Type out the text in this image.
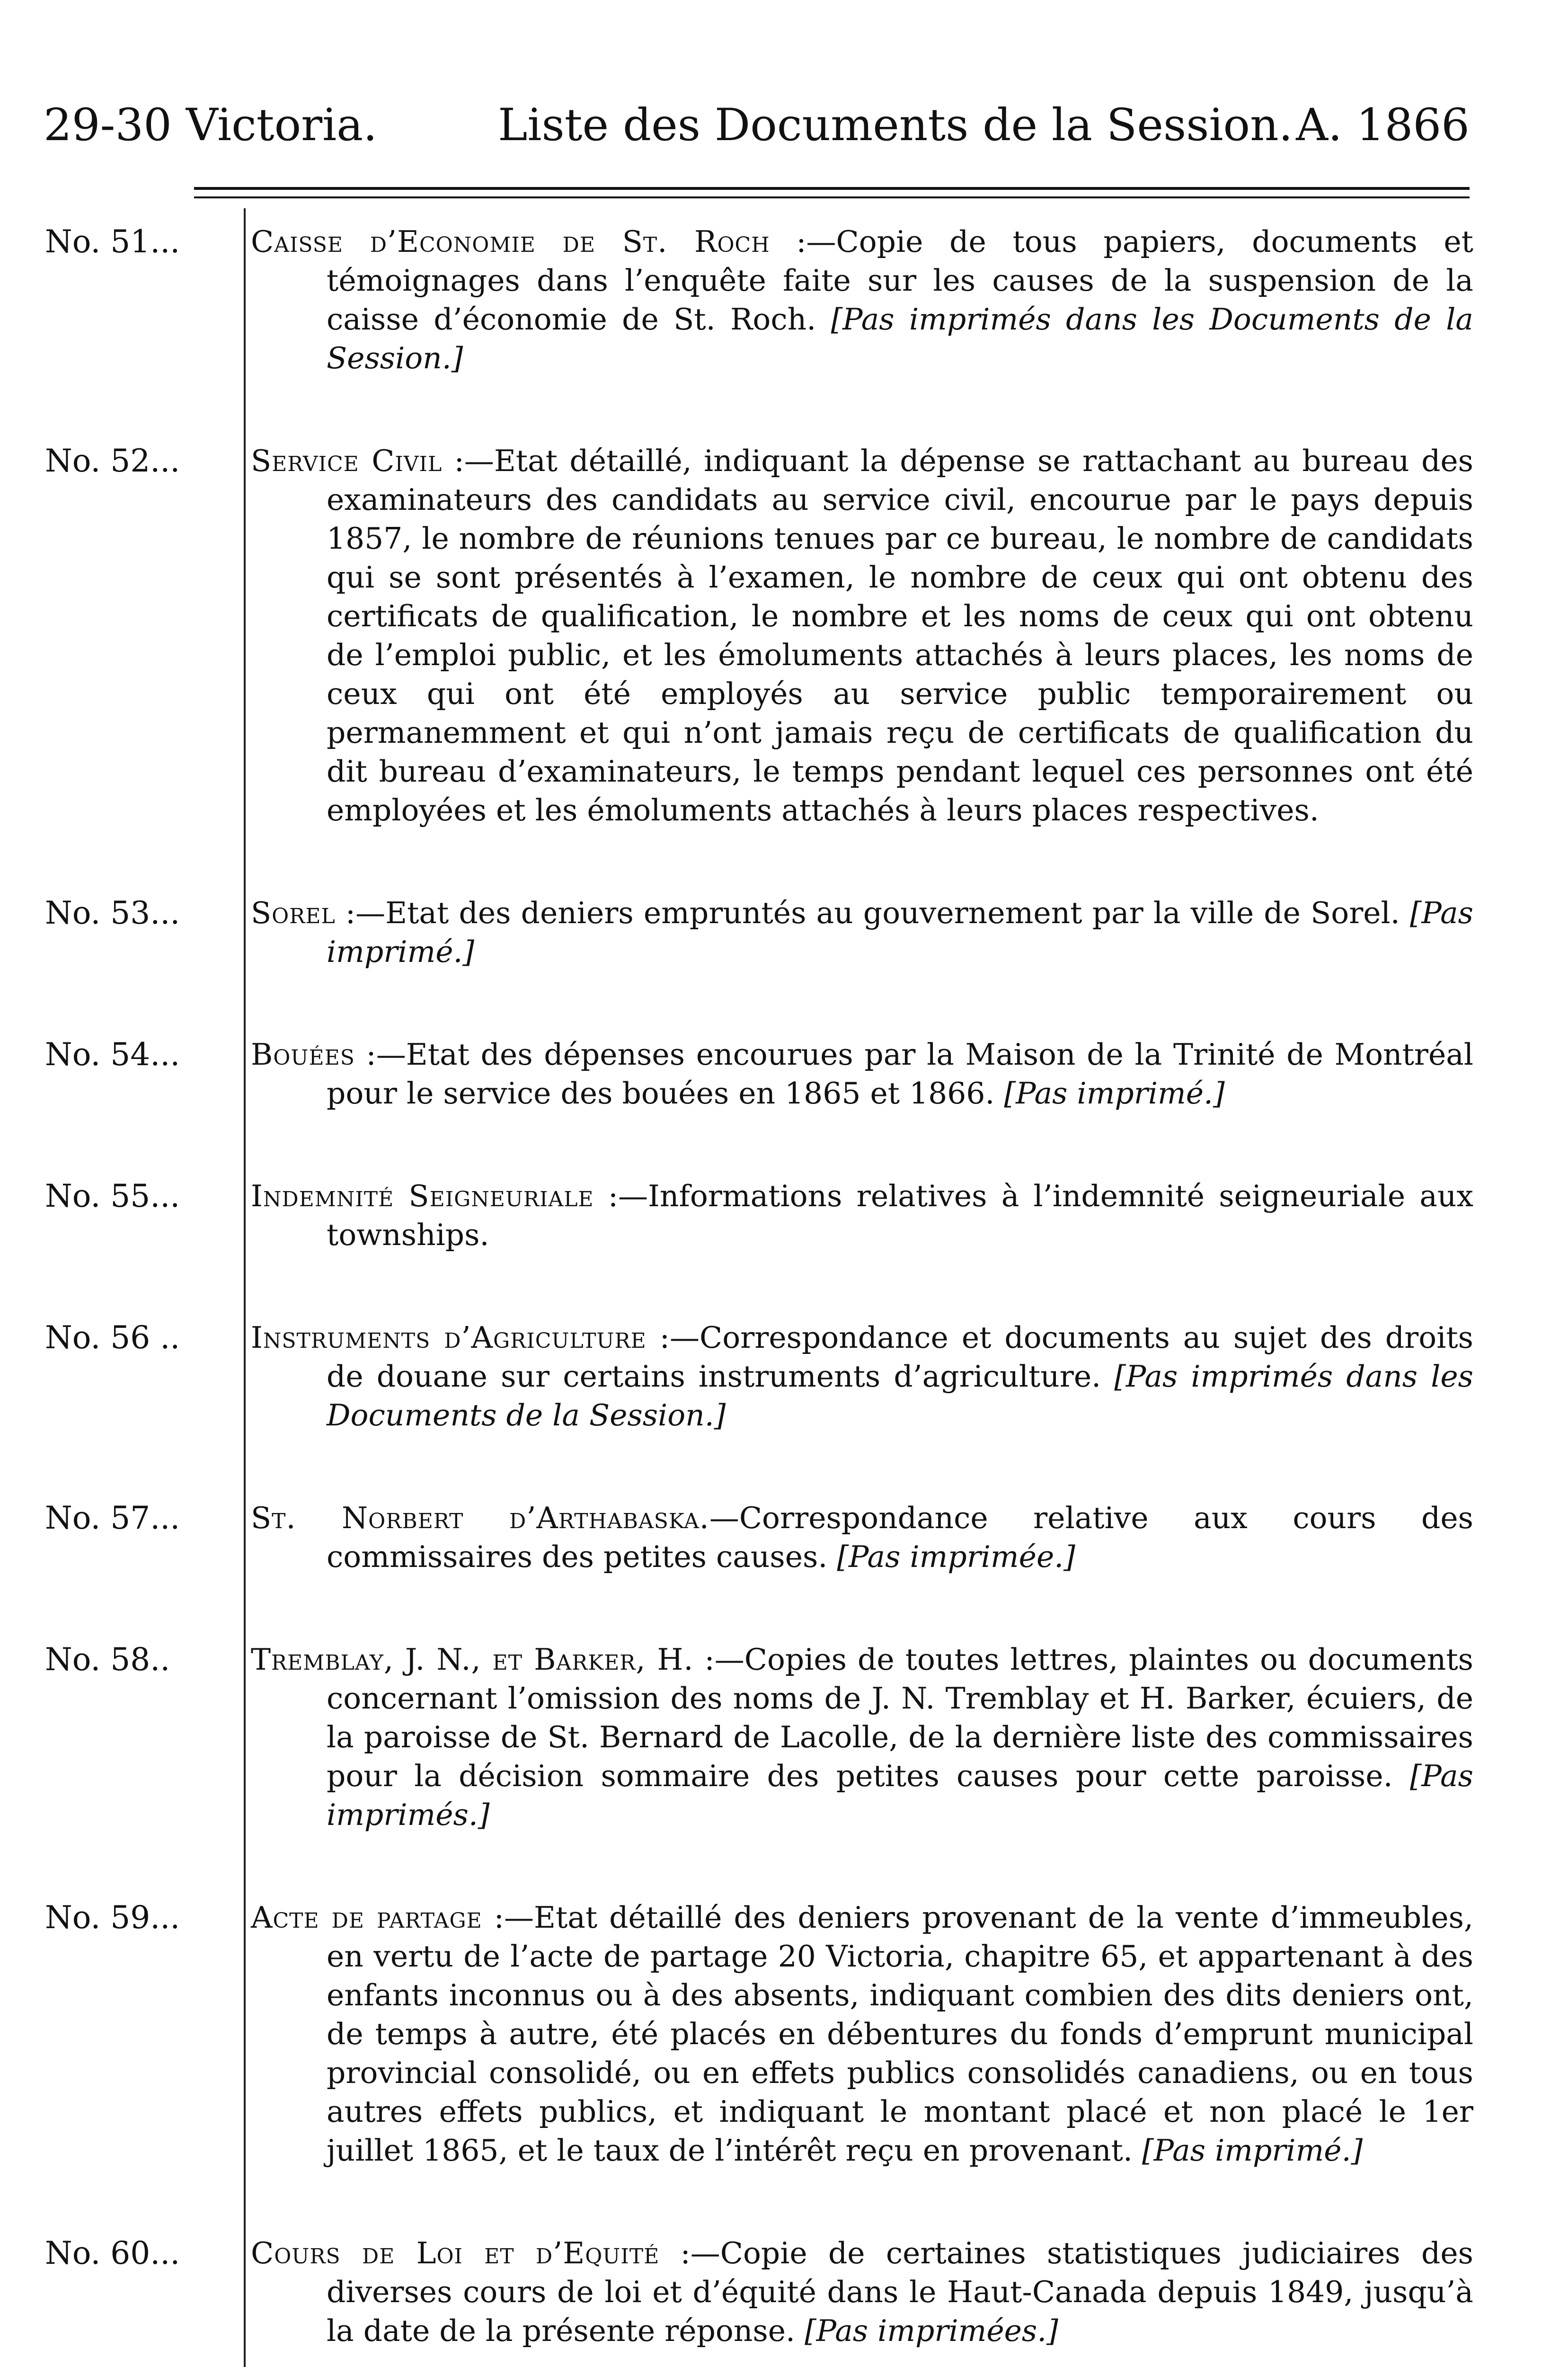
29-30 Victoria.	Liste des Documents de la Session. A. 1866
No. 51...	Caisse d’Economie de St. Roch :—Copie de tous papiers, documents et témoignages dans l’enquête faite sur les causes de la suspension de la caisse d’économie de St. Roch. [Pas imprimés dans les Documents de la Session.]
No. 52...	Service Civil :—Etat détaillé, indiquant la dépense se rattachant au bureau des examinateurs des candidats au service civil, encourue par le pays depuis 1857, le nombre de réunions tenues par ce bureau, le nombre de candidats qui se sont présentés à l’examen, le nombre de ceux qui ont obtenu des certificats de qualification, le nombre et les noms de ceux qui ont obtenu de l’emploi public, et les émoluments attachés à leurs places, les noms de ceux qui ont été employés au service public temporairement ou permanemment et qui n’ont jamais reçu de certificats de qualification du dit bureau d’examinateurs, le temps pendant lequel ces personnes ont été employées et les émoluments attachés à leurs places respectives.
No. 53...	Sorel :—Etat des deniers empruntés au gouvernement par la ville de Sorel. [Pas imprimé.]
No. 54...	Bouées :—Etat des dépenses encourues par la Maison de la Trinité de Montréal pour le service des bouées en 1865 et 1866. [Pas imprimé.]
No. 55...	Indemnité Seigneuriale :—Informations relatives à l’indemnité seigneuriale aux townships.
No. 56 ..	Instruments d’Agriculture :—Correspondance et documents au sujet des droits de douane sur certains instruments d’agriculture. [Pas imprimés dans les Documents de la Session.]
No. 57...	St. Norbert d’Arthabaska.—Correspondance relative aux cours des commissaires des petites causes. [Pas imprimée.]
No. 58..	Tremblay, J. N., et Barker, H. :—Copies de toutes lettres, plaintes ou documents concernant l’omission des noms de J. N. Tremblay et H. Barker, écuiers, de la paroisse de St. Bernard de Lacolle, de la dernière liste des commissaires pour la décision sommaire des petites causes pour cette paroisse. [Pas imprimés.]
No. 59...	Acte de partage :—Etat détaillé des deniers provenant de la vente d’immeubles, en vertu de l’acte de partage 20 Victoria, chapitre 65, et appartenant à des enfants inconnus ou à des absents, indiquant combien des dits deniers ont, de temps à autre, été placés en débentures du fonds d’emprunt municipal provincial consolidé, ou en effets publics consolidés canadiens, ou en tous autres effets publics, et indiquant le montant placé et non placé le 1er juillet 1865, et le taux de l’intérêt reçu en provenant. [Pas imprimé.]
No. 60...	Cours de Loi et d’Equité :—Copie de certaines statistiques judiciaires des diverses cours de loi et d’équité dans le Haut-Canada depuis 1849, jusqu’à la date de la présente réponse. [Pas imprimées.]
